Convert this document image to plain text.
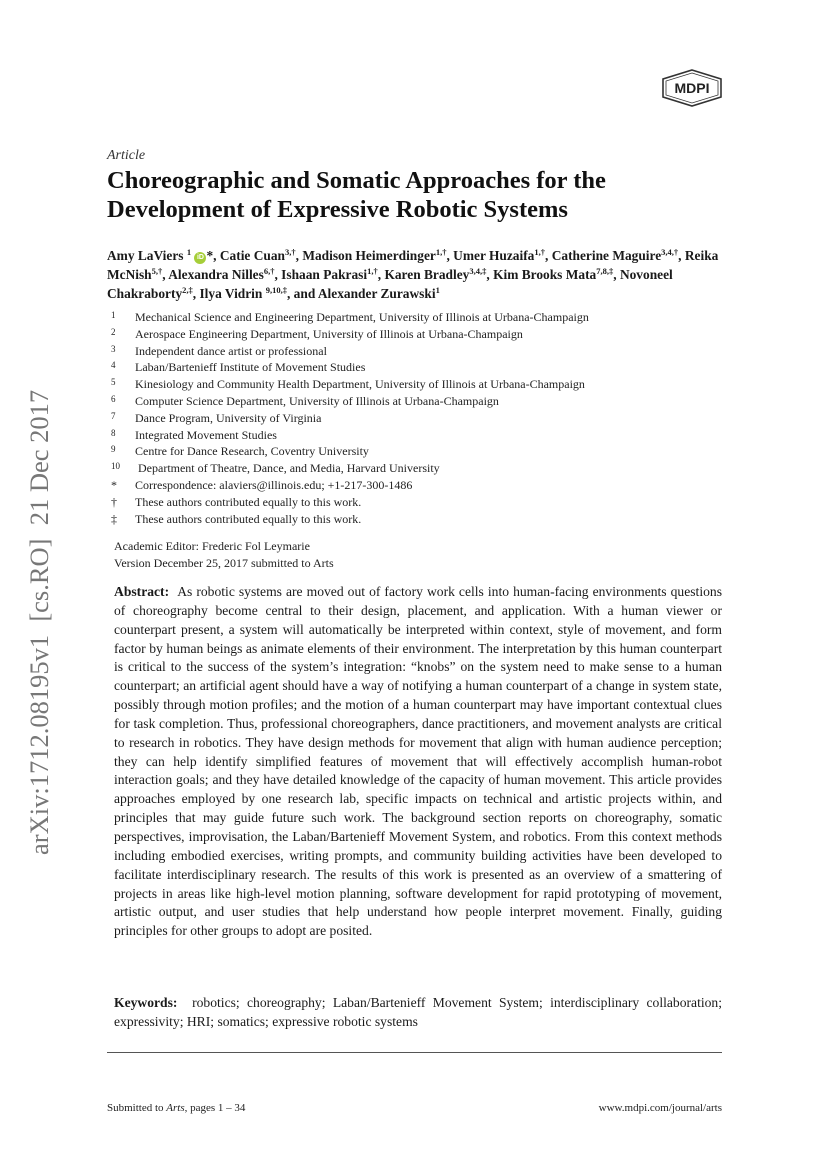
arXiv:1712.08195v1  [cs.RO]  21 Dec 2017
MDPI
Article
Choreographic and Somatic Approaches for the
Development of Expressive Robotic Systems
Amy LaViers $^1$ iD *, Catie Cuan$^{3,\dagger}$, Madison Heimerdinger$^{1,\dagger}$, Umer Huzaifa$^{1,\dagger}$, Catherine Maguire$^{3,4,\dagger}$, Reika McNish$^{5,\dagger}$, Alexandra Nilles$^{6,\dagger}$, Ishaan Pakrasi$^{1,\dagger}$, Karen Bradley$^{3,4,\ddagger}$, Kim Brooks Mata$^{7,8,\ddagger}$, Novoneel Chakraborty$^{2,\ddagger}$, Ilya Vidrin $^{9,10,\ddagger}$, and Alexander Zurawski$^1$
1 Mechanical Science and Engineering Department, University of Illinois at Urbana-Champaign
2 Aerospace Engineering Department, University of Illinois at Urbana-Champaign
3 Independent dance artist or professional
4 Laban/Bartenieff Institute of Movement Studies
5 Kinesiology and Community Health Department, University of Illinois at Urbana-Champaign
6 Computer Science Department, University of Illinois at Urbana-Champaign
7 Dance Program, University of Virginia
8 Integrated Movement Studies
9 Centre for Dance Research, Coventry University
10 Department of Theatre, Dance, and Media, Harvard University
* Correspondence: alaviers@illinois.edu; +1-217-300-1486
† These authors contributed equally to this work.
‡ These authors contributed equally to this work.
Academic Editor: Frederic Fol Leymarie
Version December 25, 2017 submitted to Arts

Abstract: As robotic systems are moved out of factory work cells into human-facing environments questions of choreography become central to their design, placement, and application. With a human viewer or counterpart present, a system will automatically be interpreted within context, style of movement, and form factor by human beings as animate elements of their environment. The interpretation by this human counterpart is critical to the success of the system’s integration: “knobs” on the system need to make sense to a human counterpart; an artificial agent should have a way of notifying a human counterpart of a change in system state, possibly through motion profiles; and the motion of a human counterpart may have important contextual clues for task completion. Thus, professional choreographers, dance practitioners, and movement analysts are critical to research in robotics. They have design methods for movement that align with human audience perception; they can help identify simplified features of movement that will effectively accomplish human-robot interaction goals; and they have detailed knowledge of the capacity of human movement. This article provides approaches employed by one research lab, specific impacts on technical and artistic projects within, and principles that may guide future such work. The background section reports on choreography, somatic perspectives, improvisation, the Laban/Bartenieff Movement System, and robotics. From this context methods including embodied exercises, writing prompts, and community building activities have been developed to facilitate interdisciplinary research. The results of this work is presented as an overview of a smattering of projects in areas like high-level motion planning, software development for rapid prototyping of movement, artistic output, and user studies that help understand how people interpret movement. Finally, guiding principles for other groups to adopt are posited.

Keywords: robotics; choreography; Laban/Bartenieff Movement System; interdisciplinary collaboration; expressivity; HRI; somatics; expressive robotic systems

Submitted to Arts, pages 1 – 34	www.mdpi.com/journal/arts
